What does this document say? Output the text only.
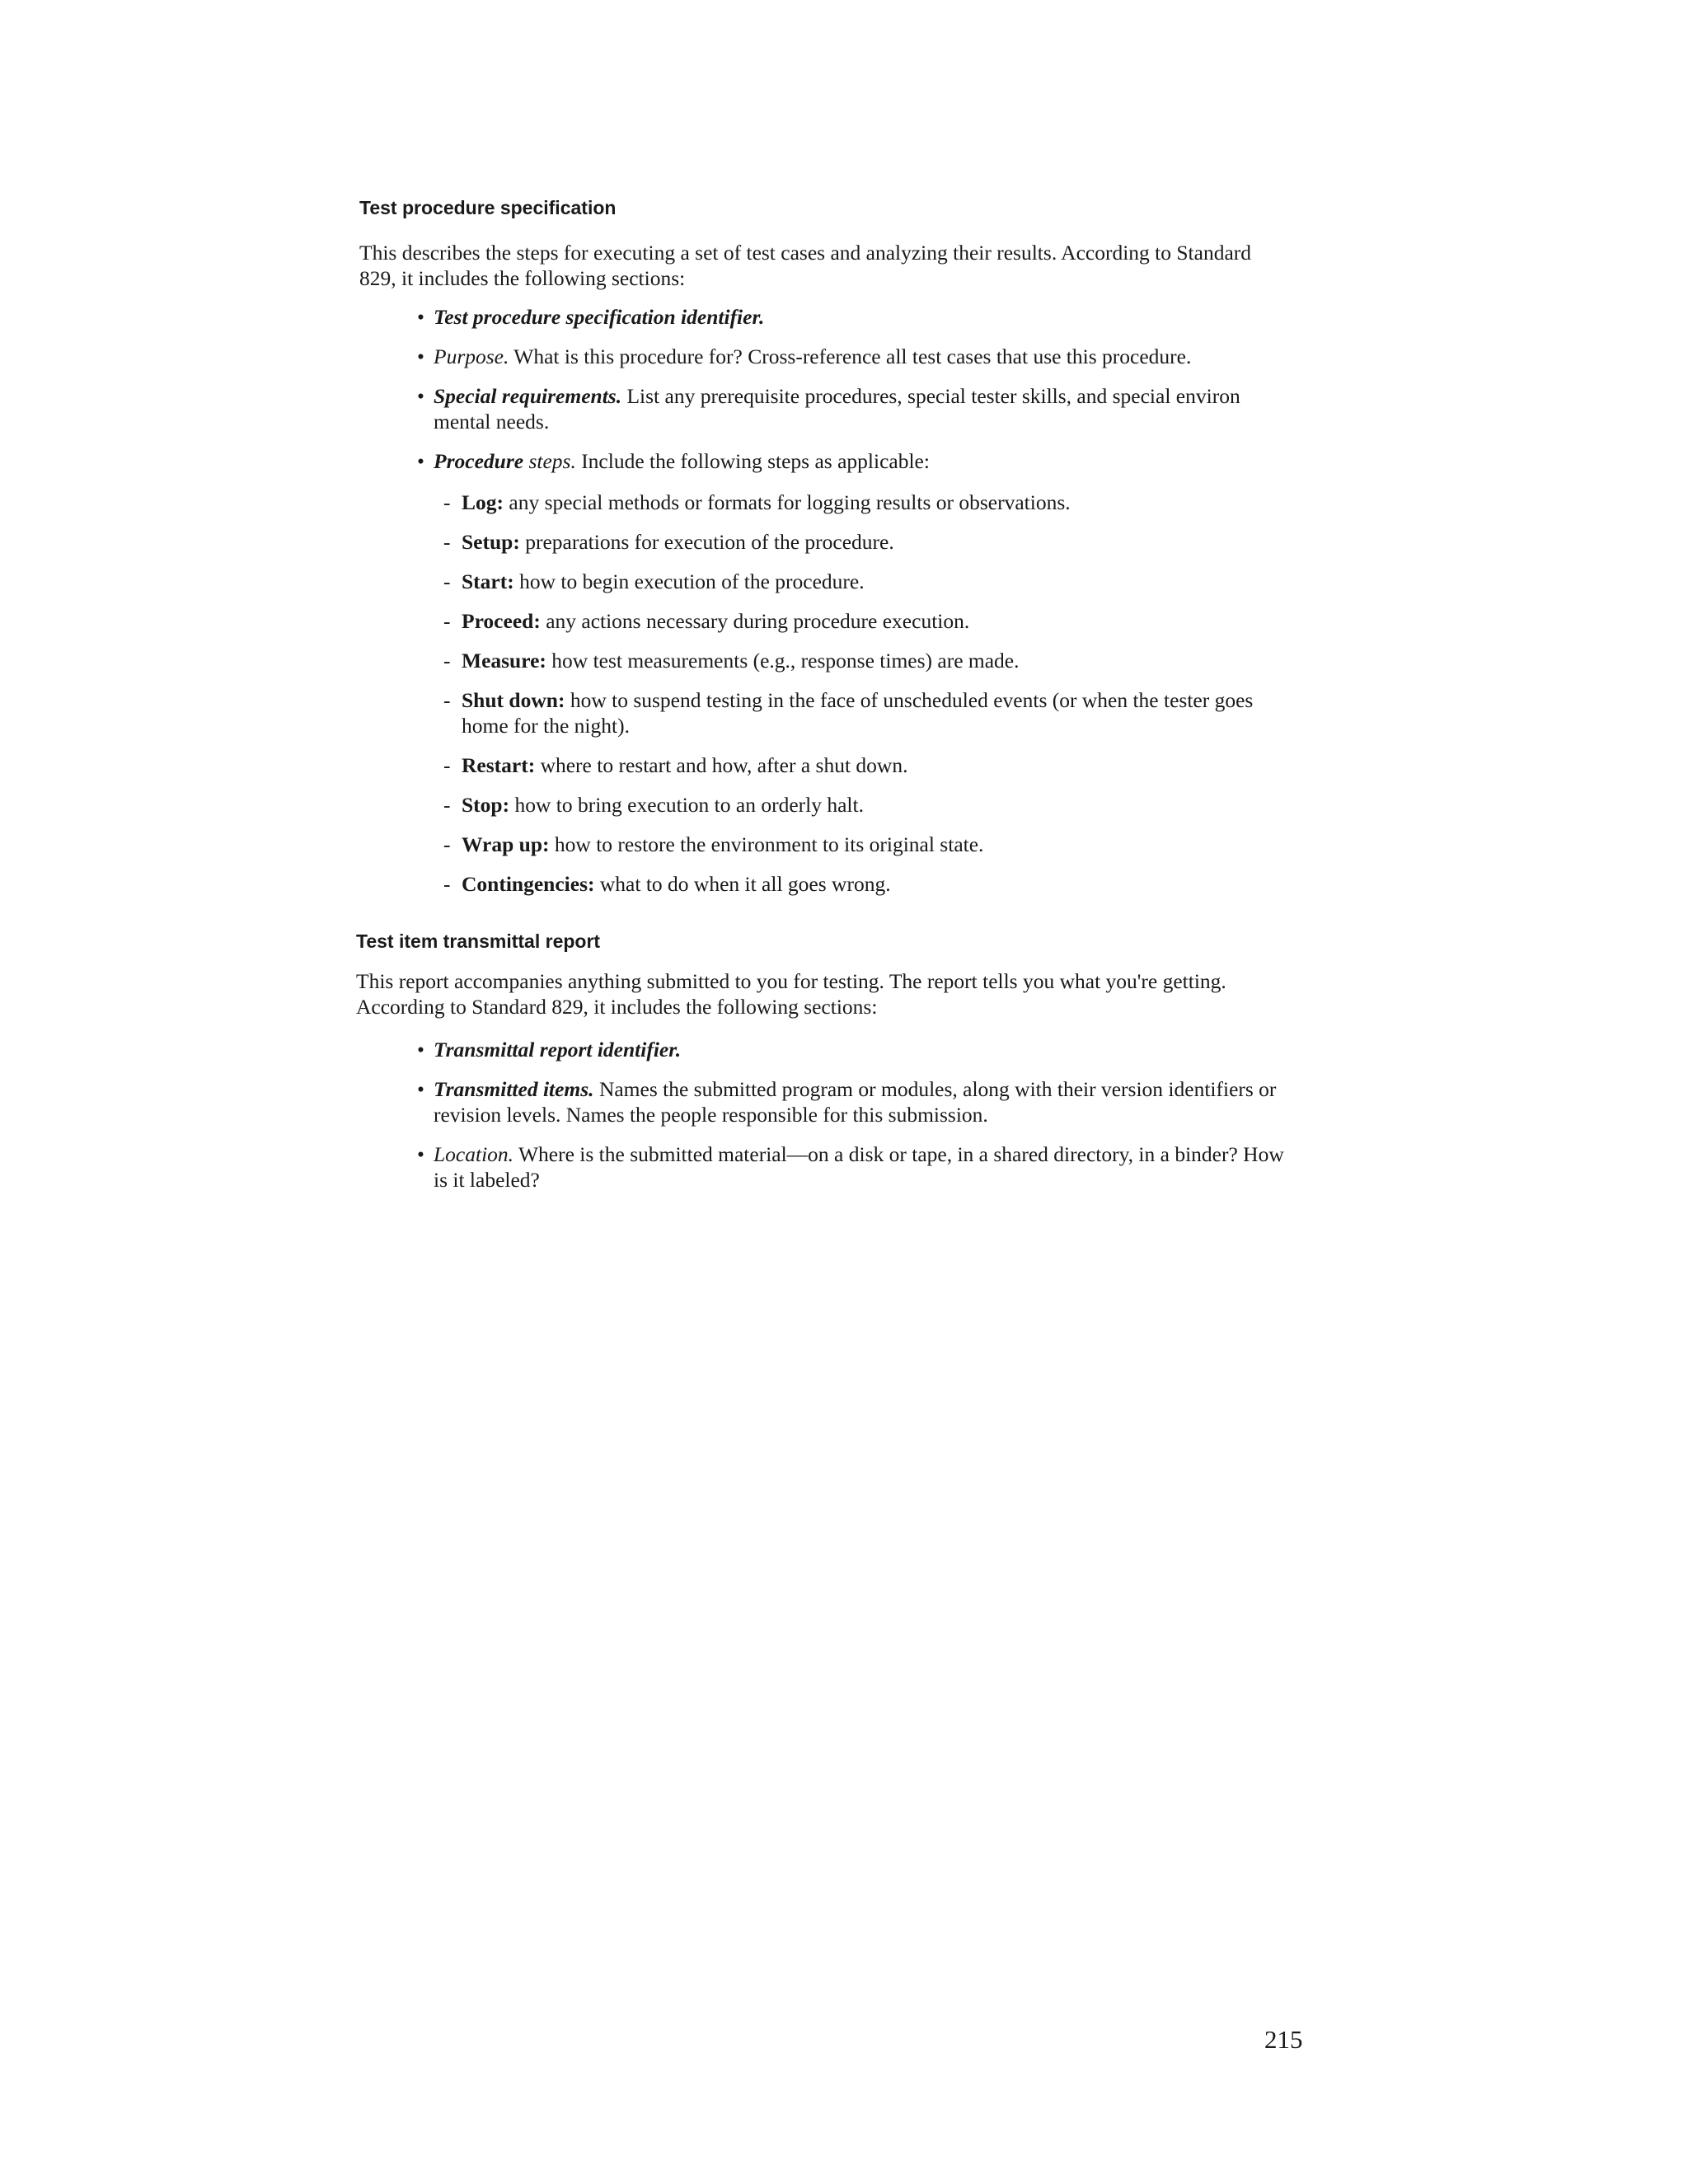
Test procedure specification

This describes the steps for executing a set of test cases and analyzing their results. According to Standard 829, it includes the following sections:

• Test procedure specification identifier.
• Purpose. What is this procedure for? Cross-reference all test cases that use this procedure.
• Special requirements. List any prerequisite procedures, special tester skills, and special environ mental needs.
• Procedure steps. Include the following steps as applicable:
- Log: any special methods or formats for logging results or observations.
- Setup: preparations for execution of the procedure.
- Start: how to begin execution of the procedure.
- Proceed: any actions necessary during procedure execution.
- Measure: how test measurements (e.g., response times) are made.
- Shut down: how to suspend testing in the face of unscheduled events (or when the tester goes home for the night).
- Restart: where to restart and how, after a shut down.
- Stop: how to bring execution to an orderly halt.
- Wrap up: how to restore the environment to its original state.
- Contingencies: what to do when it all goes wrong.
Test item transmittal report

This report accompanies anything submitted to you for testing. The report tells you what you're getting. According to Standard 829, it includes the following sections:

• Transmittal report identifier.
• Transmitted items. Names the submitted program or modules, along with their version identifiers or revision levels. Names the people responsible for this submission.
• Location. Where is the submitted material—on a disk or tape, in a shared directory, in a binder? How is it labeled?

215
